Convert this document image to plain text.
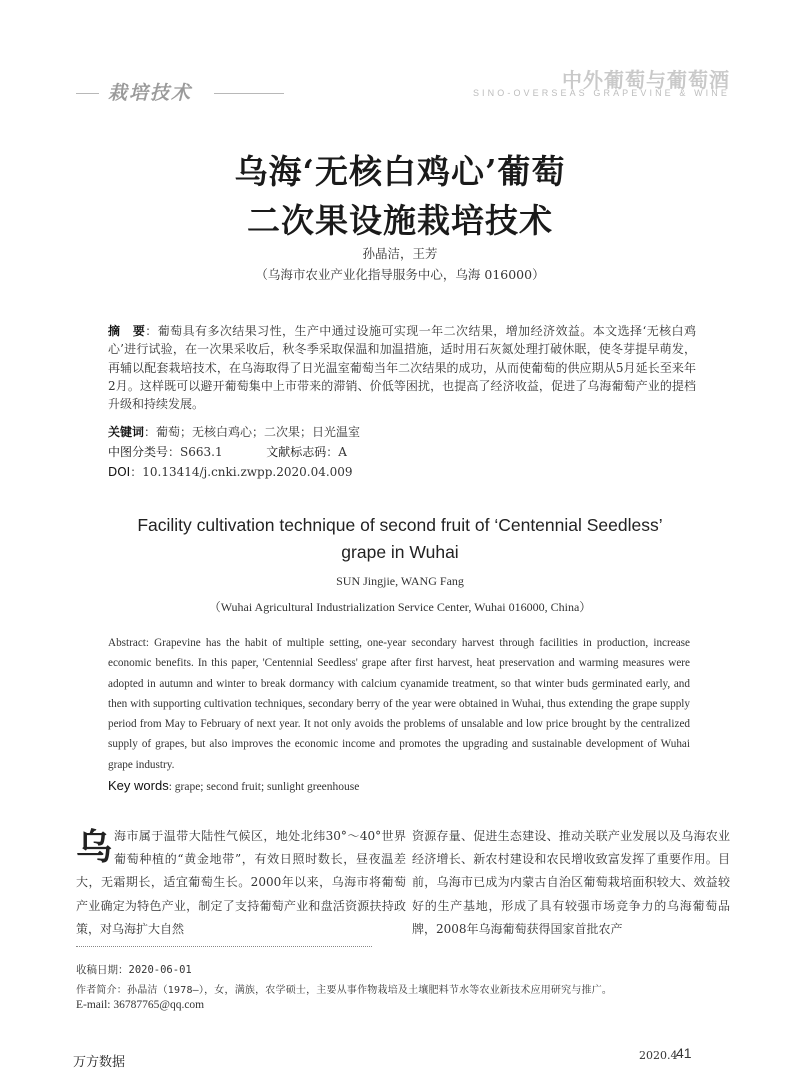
栽培技术
中外葡萄与葡萄酒
SINO-OVERSEAS GRAPEVINE & WINE
乌海‘无核白鸡心’葡萄
二次果设施栽培技术
孙晶洁，王芳
（乌海市农业产业化指导服务中心，乌海 016000）
摘　要：葡萄具有多次结果习性，生产中通过设施可实现一年二次结果，增加经济效益。本文选择‘无核白鸡心’进行试验，在一次果采收后，秋冬季采取保温和加温措施，适时用石灰氮处理打破休眠，使冬芽提早萌发，再辅以配套栽培技术，在乌海取得了日光温室葡萄当年二次结果的成功，从而使葡萄的供应期从5月延长至来年2月。这样既可以避开葡萄集中上市带来的滞销、价低等困扰，也提高了经济收益，促进了乌海葡萄产业的提档升级和持续发展。
关键词：葡萄；无核白鸡心；二次果；日光温室
中图分类号：S663.1	文献标志码：A
DOI：10.13414/j.cnki.zwpp.2020.04.009
Facility cultivation technique of second fruit of ‘Centennial Seedless’
grape in Wuhai
SUN Jingjie, WANG Fang
（Wuhai Agricultural Industrialization Service Center, Wuhai 016000, China）
Abstract: Grapevine has the habit of multiple setting, one-year secondary harvest through facilities in production, increase economic benefits. In this paper, 'Centennial Seedless' grape after first harvest, heat preservation and warming measures were adopted in autumn and winter to break dormancy with calcium cyanamide treatment, so that winter buds germinated early, and then with supporting cultivation techniques, secondary berry of the year were obtained in Wuhai, thus extending the grape supply period from May to February of next year. It not only avoids the problems of unsalable and low price brought by the centralized supply of grapes, but also improves the economic income and promotes the upgrading and sustainable development of Wuhai grape industry.
Key words: grape; second fruit; sunlight greenhouse
乌海市属于温带大陆性气候区，地处北纬30°～40°世界葡萄种植的“黄金地带”，有效日照时数长，昼夜温差大，无霜期长，适宜葡萄生长。2000年以来，乌海市将葡萄产业确定为特色产业，制定了支持葡萄产业和盘活资源扶持政策，对乌海扩大自然
资源存量、促进生态建设、推动关联产业发展以及乌海农业经济增长、新农村建设和农民增收致富发挥了重要作用。目前，乌海市已成为内蒙古自治区葡萄栽培面积较大、效益较好的生产基地，形成了具有较强市场竞争力的乌海葡萄品牌，2008年乌海葡萄获得国家首批农产
收稿日期：2020-06-01
作者简介：孙晶洁（1978—），女，满族，农学硕士，主要从事作物栽培及土壤肥料节水等农业新技术应用研究与推广。
E-mail: 36787765@qq.com
2020.4
41
万方数据
